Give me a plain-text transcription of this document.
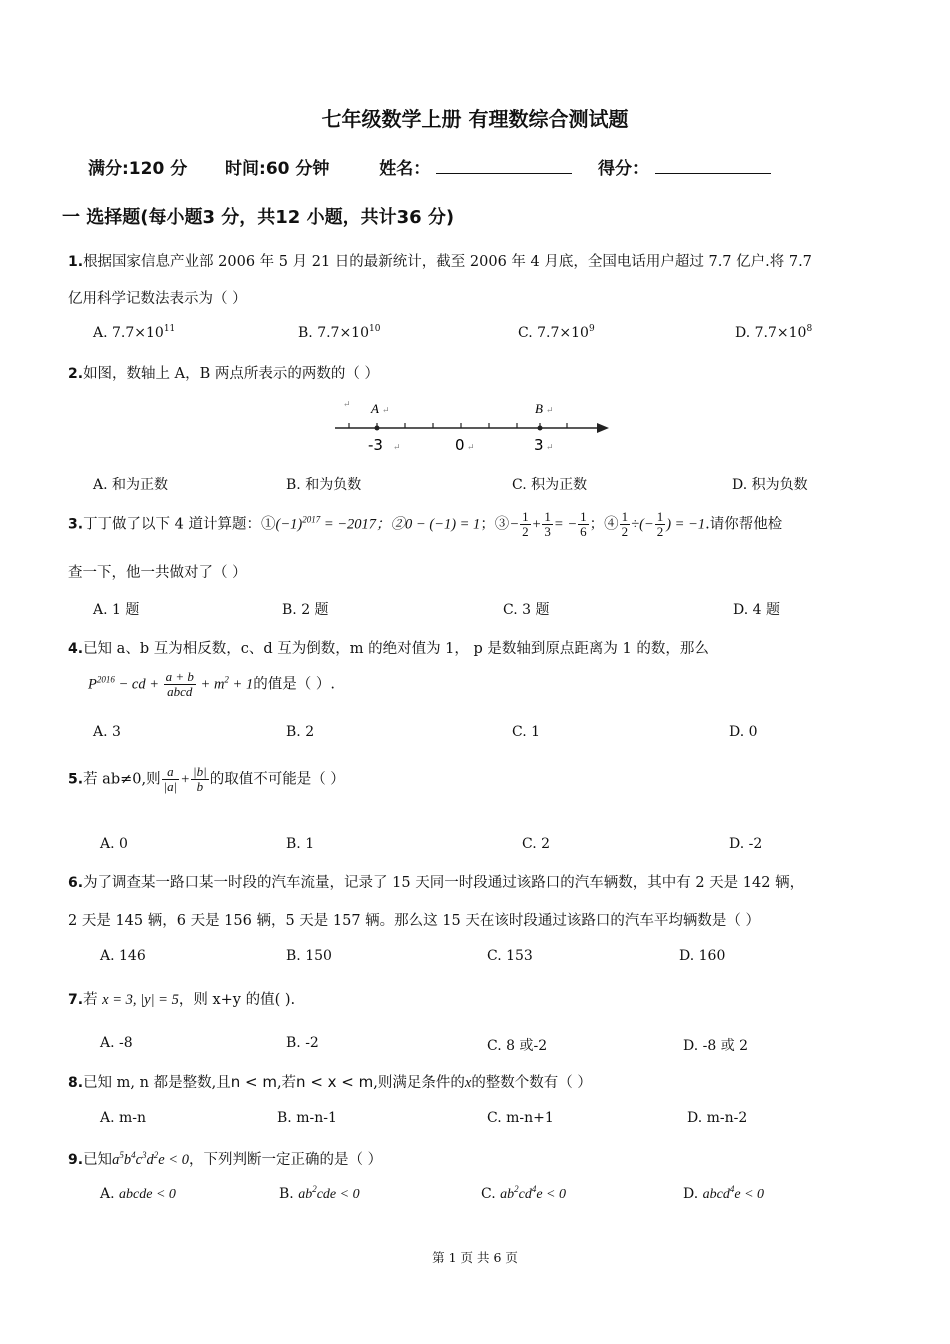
七年级数学上册 有理数综合测试题
满分:120 分 时间:60 分钟	姓名：	得分：
一 选择题(每小题3 分，共12 小题，共计36 分)
1.根据国家信息产业部 2006 年 5 月 21 日的最新统计，截至 2006 年 4 月底，全国电话用户超过 7.7 亿户.将 7.7
亿用科学记数法表示为（ ）
A. $7.7\times 10^{11}$	B. $7.7\times 10^{10}$	C. $7.7\times 10^9$	D. $7.7\times 10^8$
2.如图，数轴上 A，B 两点所表示的两数的（ ）
↵ A ↵	B ↵
-3 ↵	0 ↵	3 ↵
A. 和为正数	B. 和为负数	C. 积为正数	D. 积为负数
3.丁丁做了以下 4 道计算题：$①(-1)^{2017} = -2017$；②0 − (−1) = 1；③− $\frac{1}{2} + \frac{1}{3}$ = − $\frac{1}{6}$ ；④ $\frac{1}{2}$ ÷(− $\frac{1}{2}$ ) = −1.请你帮他检
查一下，他一共做对了（ ）
A. 1 题	B. 2 题	C. 3 题	D. 4 题
4.已知 a、b 互为相反数，c、d 互为倒数，m 的绝对值为 1， p 是数轴到原点距离为 1 的数，那么
$P^{2016}$ − cd + $\frac{a + b}{\text{abcd}} + m^2 + 1$的值是（ ）.
A. 3	B. 2	C. 1	D. 0
5.若 ab≠0,则 $\frac{a}{|a|} + \frac{|b|}{b}$ 的取值不可能是（ ）
A. 0	B. 1	C. 2	D. -2
6.为了调查某一路口某一时段的汽车流量，记录了 15 天同一时段通过该路口的汽车辆数，其中有 2 天是 142 辆，
2 天是 145 辆，6 天是 156 辆，5 天是 157 辆。那么这 15 天在该时段通过该路口的汽车平均辆数是（ ）
A. 146	B. 150	C. 153	D. 160
7.若 x = 3, |y| = 5，则 x+y 的值( ).
A. -8	B. -2	C. 8 或-2	D. -8 或 2
8.已知 m, n 都是整数,且n < m,若n < x < m,则满足条件的x的整数个数有（ ）
A. m-n	B. m-n-1	C. m-n+1	D. m-n-2
9.已知$a^5b^4c^3d^2e < 0$，下列判断一定正确的是（ ）
A. abcde < 0	B. $ab^2cde < 0$	C. $ab^2cd^4e < 0$	D. abcd$^4$e < 0
第 1 页 共 6 页
